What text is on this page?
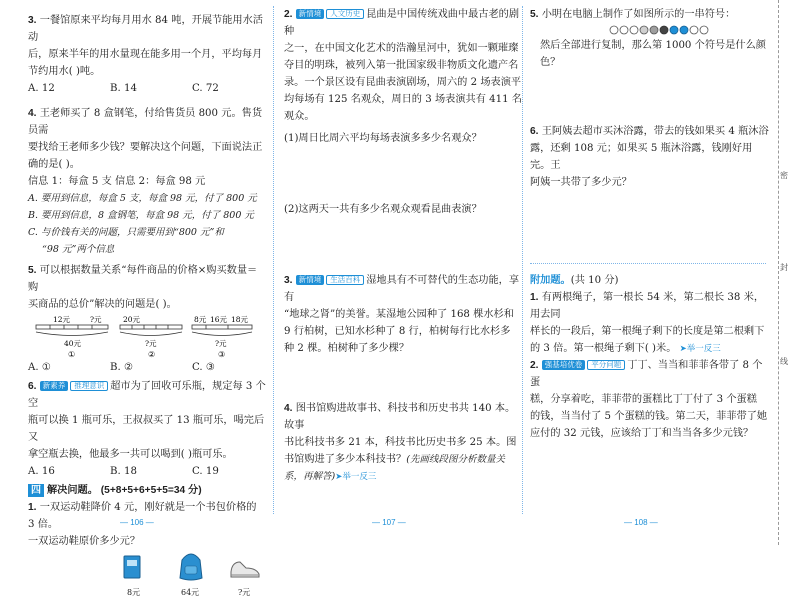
3. 一餐馆原来平均每月用水 84 吨，开展节能用水活动

后，原来半年的用水量现在能多用一个月，平均每月

节约用水( )吨。

A. 12	B. 14	C. 72

4. 王老师买了 8 盒钢笔，付给售货员 800 元。售货员需

要找给王老师多少钱？要解决这个问题，下面说法正

确的是( )。

信息 1：每盒 5 支 信息 2：每盒 98 元

A. 要用到信息，每盒 5 支，每盒 98 元，付了 800 元

B. 要用到信息，8 盒钢笔，每盒 98 元，付了 800 元

C. 与价钱有关的问题，只需要用到“800 元”和

“98 元”两个信息

5. 可以根据数量关系“每件商品的价格×购买数量＝购

买商品的总价”解决的问题是( )。

12元	?元
40元
①
20元
?元
②
8元 16元 18元
?元
③

A. ①	B. ②	C. ③

6. 新素养 推理意识 超市为了回收可乐瓶，规定每 3 个空

瓶可以换 1 瓶可乐，王叔叔买了 13 瓶可乐，喝完后又

拿空瓶去换，他最多一共可以喝到( )瓶可乐。

A. 16	B. 18	C. 19

四 解决问题。 (5+8+5+6+5+5=34 分)

1. 一双运动鞋降价 4 元，刚好就是一个书包价格的 3 倍。

一双运动鞋原价多少元？

8元	64元	?元
— 106 —

2. 新情境 人文历史 昆曲是中国传统戏曲中最古老的剧种

之一，在中国文化艺术的浩瀚星河中，犹如一颗璀璨

夺目的明珠，被列入第一批国家级非物质文化遗产名

录。一个景区设有昆曲表演剧场，周六的 2 场表演平

均每场有 125 名观众，周日的 3 场表演共有 411 名

观众。

(1)周日比周六平均每场表演多多少名观众？

(2)这两天一共有多少名观众观看昆曲表演？

3. 新情境 生活百科 湿地具有不可替代的生态功能，享有

“地球之肾”的美誉。某湿地公园种了 168 棵水杉和

9 行柏树，已知水杉种了 8 行，柏树每行比水杉多

种 2 棵。柏树种了多少棵？

4. 图书馆购进故事书、科技书和历史书共 140 本。故事

书比科技书多 21 本，科技书比历史书多 25 本。图

书馆购进了多少本科技书？(先画线段图分析数量关

系，再解答)➤举一反三

— 107 —

5. 小明在电脑上制作了如图所示的一串符号：

然后全部进行复制，那么第 1000 个符号是什么颜色？

6. 王阿姨去超市买沐浴露，带去的钱如果买 4 瓶沐浴

露，还剩 108 元；如果买 5 瓶沐浴露，钱刚好用完。王

阿姨一共带了多少元？

附加题。(共 10 分)

1. 有两根绳子，第一根长 54 米，第二根长 38 米，用去同

样长的一段后，第一根绳子剩下的长度是第二根剩下

的 3 倍。第一根绳子剩下( )米。 ➤举一反三

2. 强基培优卷 平分问题 丁丁、当当和菲菲各带了 8 个蛋

糕，分享着吃，菲菲带的蛋糕比丁丁付了 3 个蛋糕

的钱，当当付了 5 个蛋糕的钱。第二天，菲菲带了她

应付的 32 元钱，应该给丁丁和当当各多少元钱？

— 108 —
密
封
线
